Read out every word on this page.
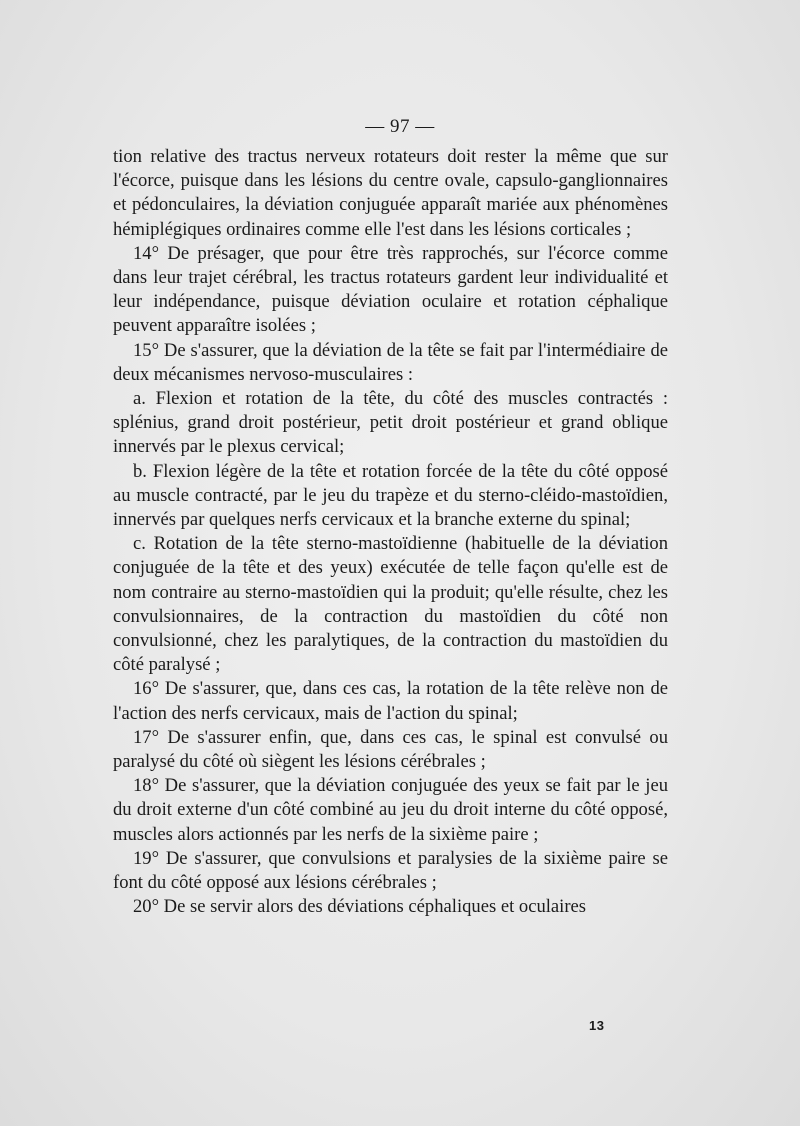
— 97 —

tion relative des tractus nerveux rotateurs doit rester la même que sur l'écorce, puisque dans les lésions du centre ovale, capsulo-ganglionnaires et pédonculaires, la déviation conjuguée apparaît mariée aux phénomènes hémiplégiques ordinaires comme elle l'est dans les lésions corticales ;

14° De présager, que pour être très rapprochés, sur l'écorce comme dans leur trajet cérébral, les tractus rotateurs gardent leur individualité et leur indépendance, puisque déviation oculaire et rotation céphalique peuvent apparaître isolées ;

15° De s'assurer, que la déviation de la tête se fait par l'intermédiaire de deux mécanismes nervoso-musculaires :

a. Flexion et rotation de la tête, du côté des muscles contractés : splénius, grand droit postérieur, petit droit postérieur et grand oblique innervés par le plexus cervical;

b. Flexion légère de la tête et rotation forcée de la tête du côté opposé au muscle contracté, par le jeu du trapèze et du sterno-cléido-mastoïdien, innervés par quelques nerfs cervicaux et la branche externe du spinal;

c. Rotation de la tête sterno-mastoïdienne (habituelle de la déviation conjuguée de la tête et des yeux) exécutée de telle façon qu'elle est de nom contraire au sterno-mastoïdien qui la produit; qu'elle résulte, chez les convulsionnaires, de la contraction du mastoïdien du côté non convulsionné, chez les paralytiques, de la contraction du mastoïdien du côté paralysé ;

16° De s'assurer, que, dans ces cas, la rotation de la tête relève non de l'action des nerfs cervicaux, mais de l'action du spinal;

17° De s'assurer enfin, que, dans ces cas, le spinal est convulsé ou paralysé du côté où siègent les lésions cérébrales ;

18° De s'assurer, que la déviation conjuguée des yeux se fait par le jeu du droit externe d'un côté combiné au jeu du droit interne du côté opposé, muscles alors actionnés par les nerfs de la sixième paire ;

19° De s'assurer, que convulsions et paralysies de la sixième paire se font du côté opposé aux lésions cérébrales ;

20° De se servir alors des déviations céphaliques et oculaires

13
